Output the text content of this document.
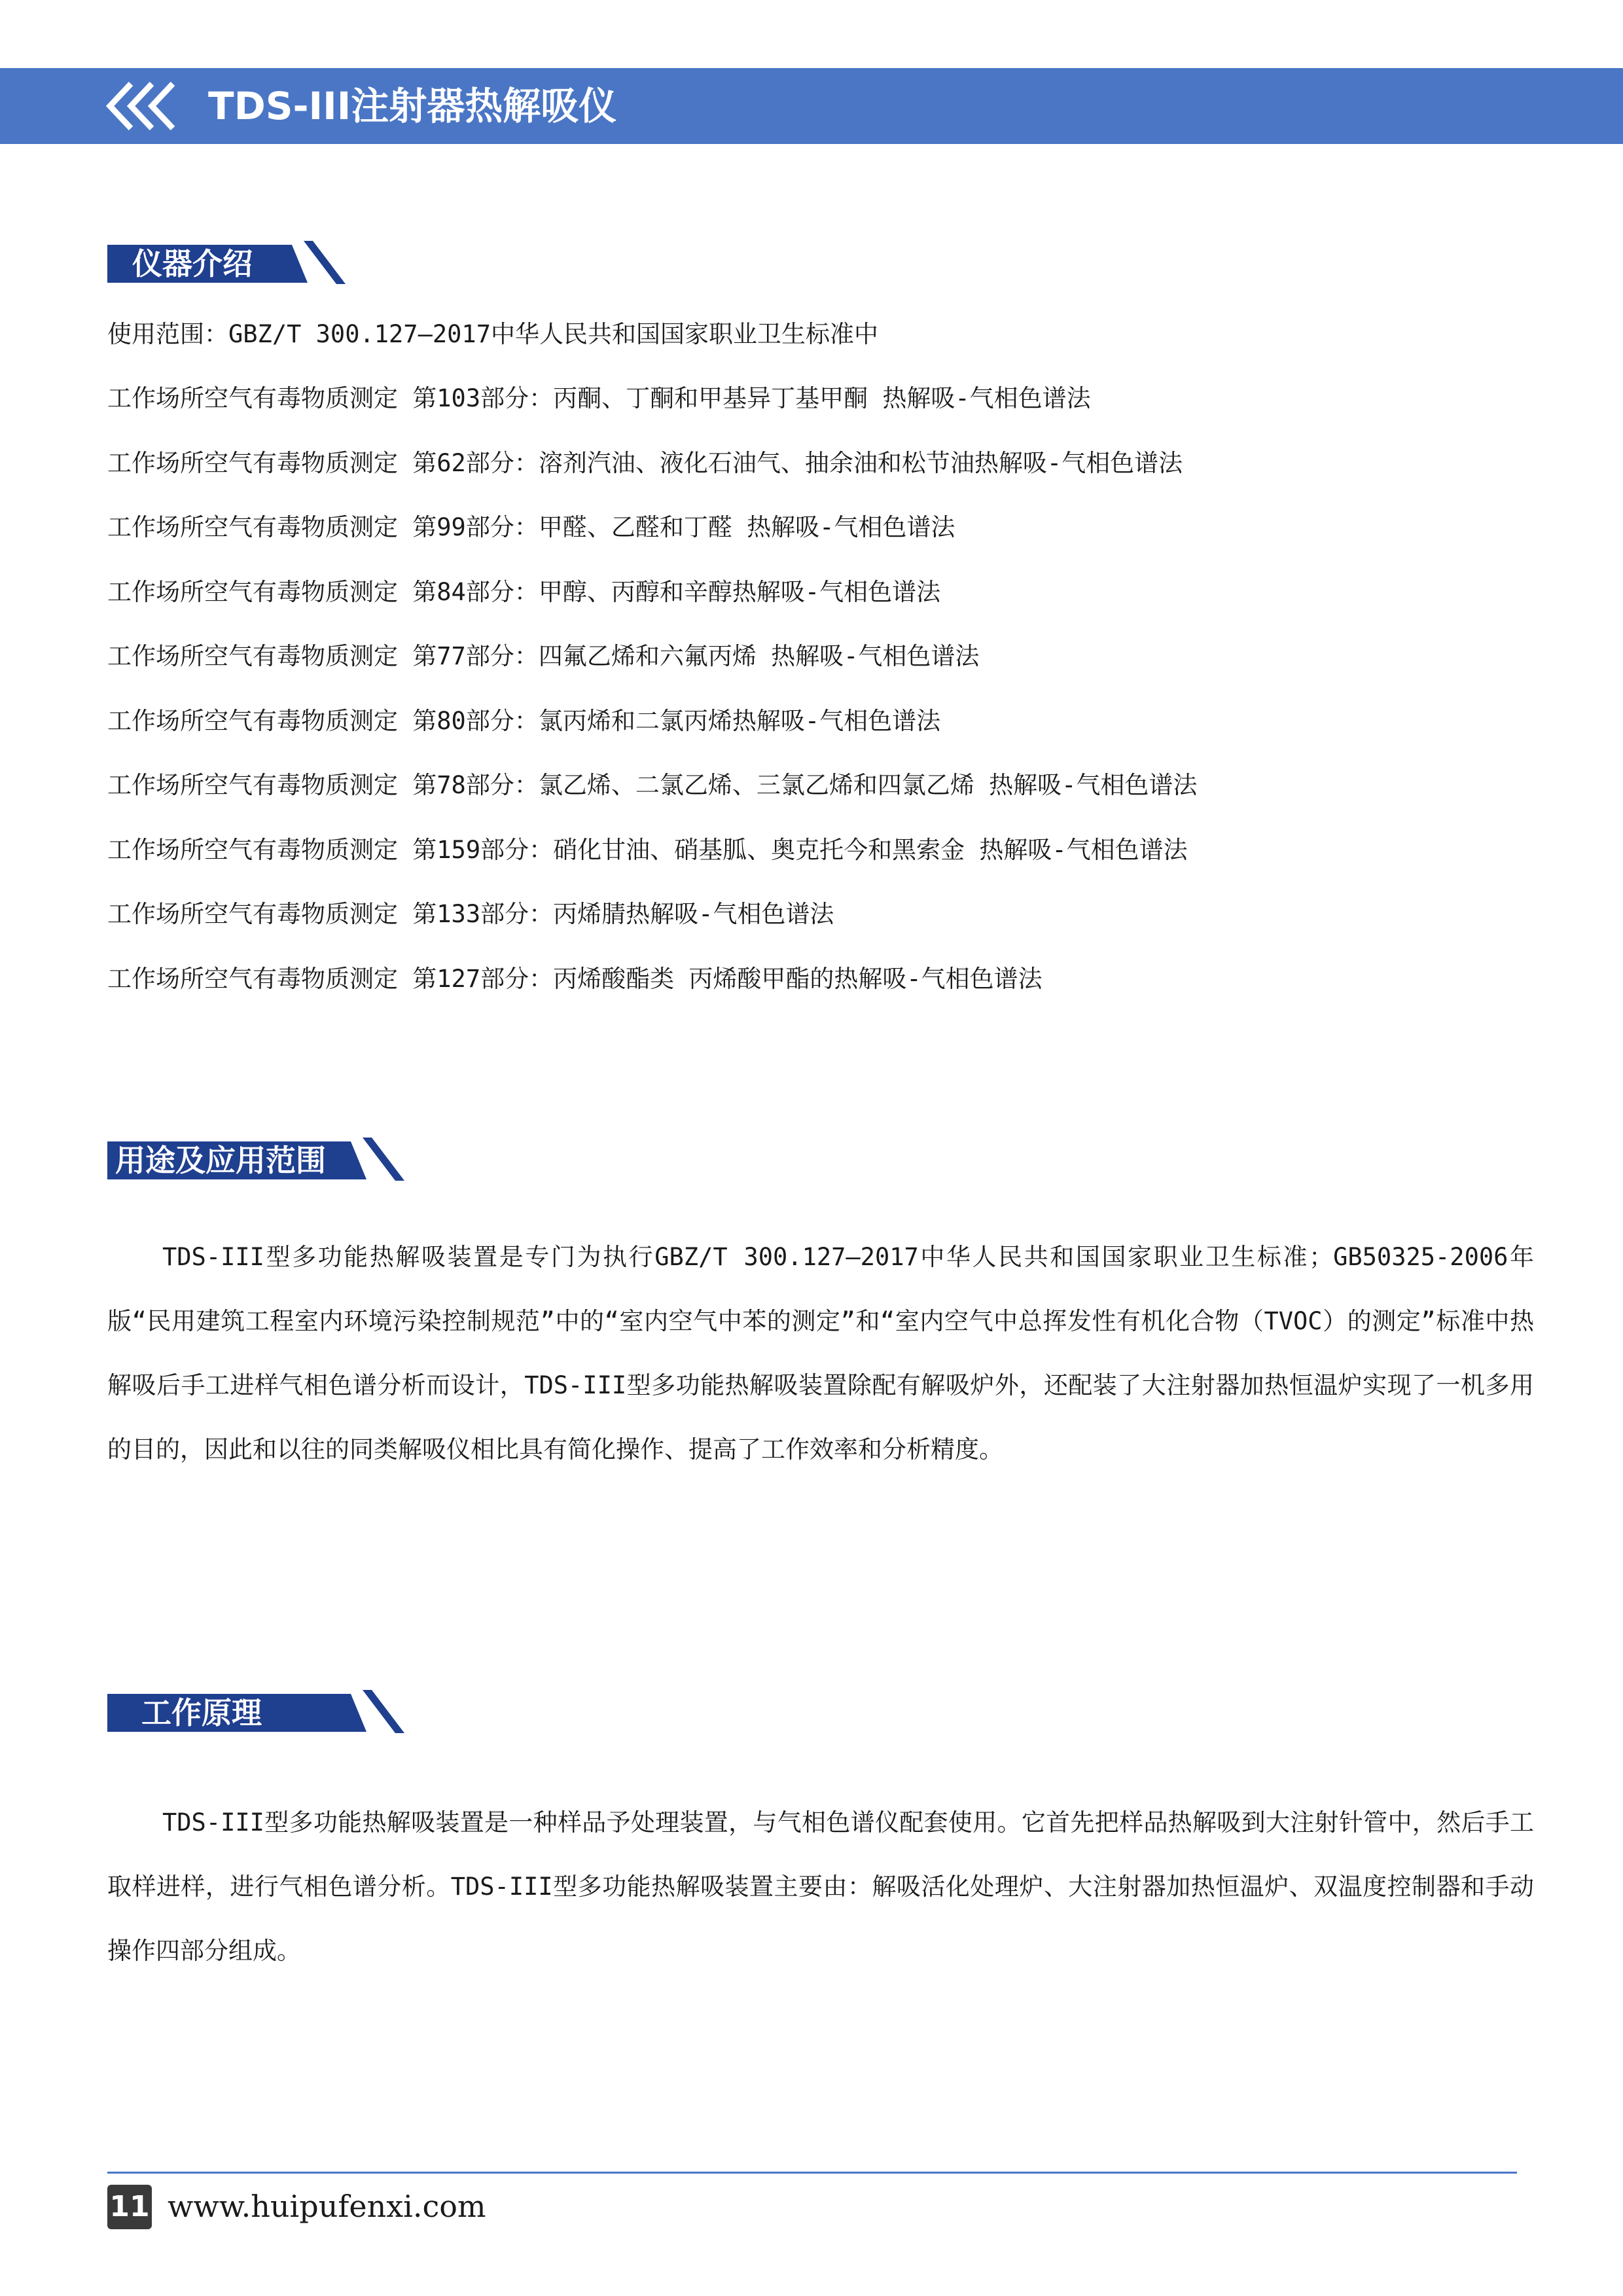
TDS-III注射器热解吸仪
仪器介绍
使用范围：GBZ/T 300.127—2017中华人民共和国国家职业卫生标准中
工作场所空气有毒物质测定 第103部分：丙酮、丁酮和甲基异丁基甲酮 热解吸-气相色谱法
工作场所空气有毒物质测定 第62部分：溶剂汽油、液化石油气、抽余油和松节油热解吸-气相色谱法
工作场所空气有毒物质测定 第99部分：甲醛、乙醛和丁醛 热解吸-气相色谱法
工作场所空气有毒物质测定 第84部分：甲醇、丙醇和辛醇热解吸-气相色谱法
工作场所空气有毒物质测定 第77部分：四氟乙烯和六氟丙烯 热解吸-气相色谱法
工作场所空气有毒物质测定 第80部分：氯丙烯和二氯丙烯热解吸-气相色谱法
工作场所空气有毒物质测定 第78部分：氯乙烯、二氯乙烯、三氯乙烯和四氯乙烯 热解吸-气相色谱法
工作场所空气有毒物质测定 第159部分：硝化甘油、硝基胍、奥克托今和黑索金 热解吸-气相色谱法
工作场所空气有毒物质测定 第133部分：丙烯腈热解吸-气相色谱法
工作场所空气有毒物质测定 第127部分：丙烯酸酯类 丙烯酸甲酯的热解吸-气相色谱法
用途及应用范围

TDS-III型多功能热解吸装置是专门为执行GBZ/T 300.127—2017中华人民共和国国家职业卫生标准；GB50325-2006年版“民用建筑工程室内环境污染控制规范”中的“室内空气中苯的测定”和“室内空气中总挥发性有机化合物（TVOC）的测定”标准中热解吸后手工进样气相色谱分析而设计，TDS-III型多功能热解吸装置除配有解吸炉外，还配装了大注射器加热恒温炉实现了一机多用的目的，因此和以往的同类解吸仪相比具有简化操作、提高了工作效率和分析精度。

工作原理

TDS-III型多功能热解吸装置是一种样品予处理装置，与气相色谱仪配套使用。它首先把样品热解吸到大注射针管中，然后手工取样进样，进行气相色谱分析。TDS-III型多功能热解吸装置主要由：解吸活化处理炉、大注射器加热恒温炉、双温度控制器和手动操作四部分组成。

11 www.huipufenxi.com
